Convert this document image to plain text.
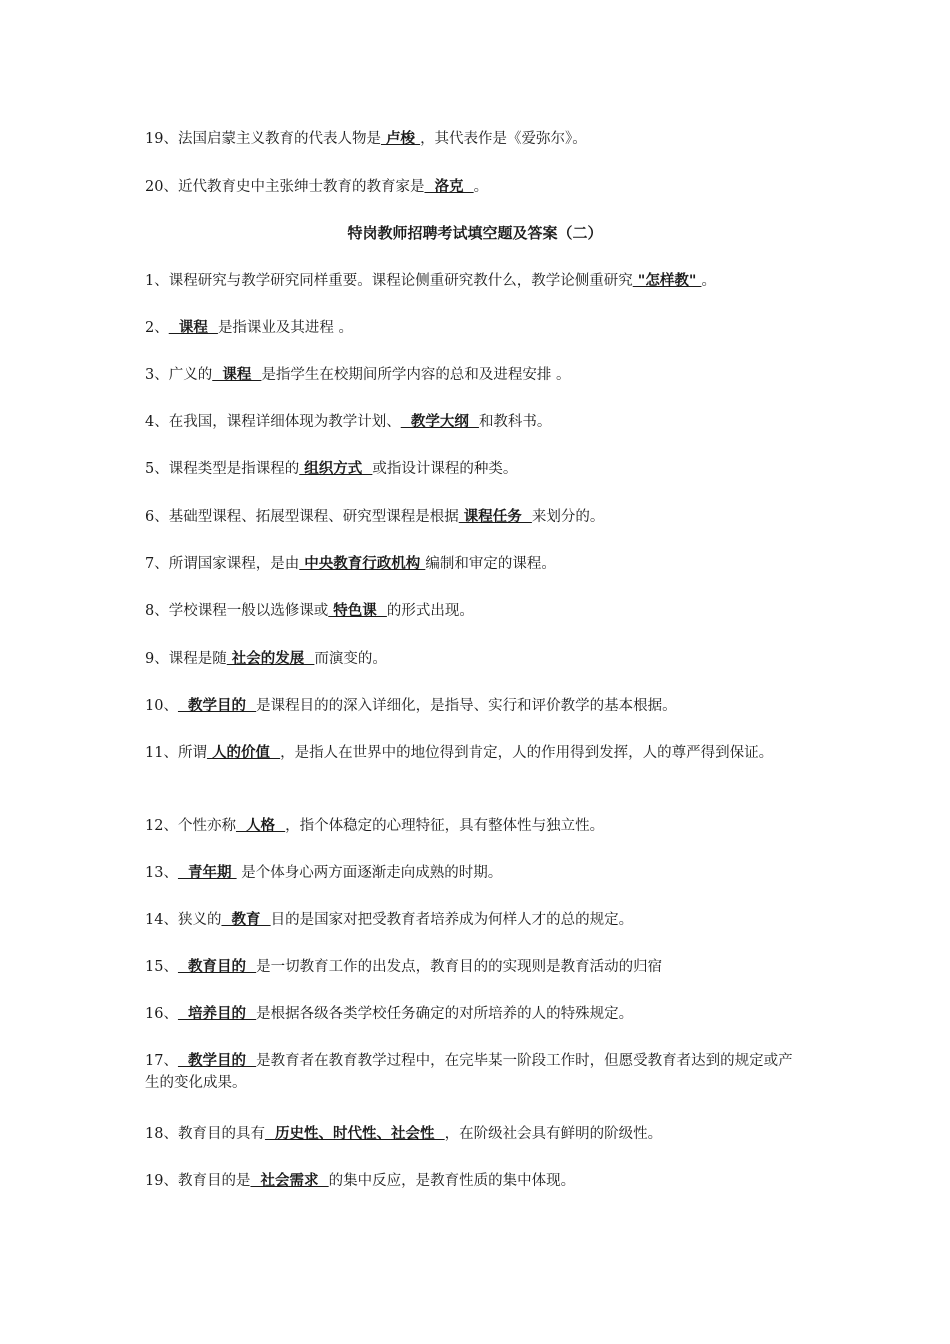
19、法国启蒙主义教育的代表人物是 卢梭 ，其代表作是《爱弥尔》。
20、近代教育史中主张绅士教育的教育家是  洛克  。
特岗教师招聘考试填空题及答案（二）
1、课程研究与教学研究同样重要。课程论侧重研究教什么，教学论侧重研究 "怎样教" 。
2、  课程  是指课业及其进程 。
3、广义的  课程  是指学生在校期间所学内容的总和及进程安排 。
4、在我国，课程详细体现为教学计划、  教学大纲  和教科书。
5、课程类型是指课程的 组织方式  或指设计课程的种类。
6、基础型课程、拓展型课程、研究型课程是根据 课程任务  来划分的。
7、所谓国家课程，是由 中央教育行政机构 编制和审定的课程。
8、学校课程一般以选修课或 特色课  的形式出现。
9、课程是随 社会的发展  而演变的。
10、  教学目的  是课程目的的深入详细化，是指导、实行和评价教学的基本根据。
11、所谓 人的价值  ，是指人在世界中的地位得到肯定，人的作用得到发挥，人的尊严得到保证。
12、个性亦称  人格  ，指个体稳定的心理特征，具有整体性与独立性。
13、  青年期  是个体身心两方面逐渐走向成熟的时期。
14、狭义的  教育  目的是国家对把受教育者培养成为何样人才的总的规定。
15、  教育目的  是一切教育工作的出发点，教育目的的实现则是教育活动的归宿
16、  培养目的  是根据各级各类学校任务确定的对所培养的人的特殊规定。
17、  教学目的  是教育者在教育教学过程中，在完毕某一阶段工作时，但愿受教育者达到的规定或产生的变化成果。
18、教育目的具有  历史性、时代性、社会性  ，在阶级社会具有鲜明的阶级性。
19、教育目的是  社会需求  的集中反应，是教育性质的集中体现。
